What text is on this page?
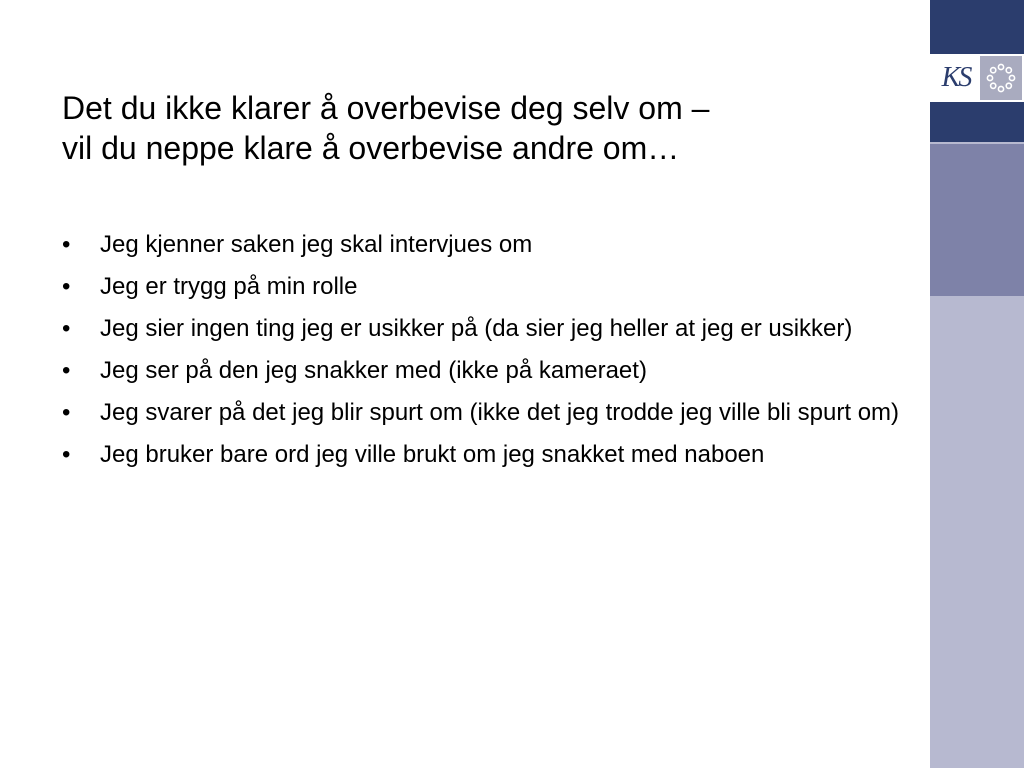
Det du ikke klarer å overbevise deg selv om –
vil du neppe klare å overbevise andre om…
•	Jeg kjenner saken jeg skal intervjues om
•	Jeg er trygg på min rolle
•	Jeg sier ingen ting jeg er usikker på (da sier jeg heller at jeg er usikker)
•	Jeg ser på den jeg snakker med (ikke på kameraet)
•	Jeg svarer på det jeg blir spurt om (ikke det jeg trodde jeg ville bli spurt om)
•	Jeg bruker bare ord jeg ville brukt om jeg snakket med naboen
KS
